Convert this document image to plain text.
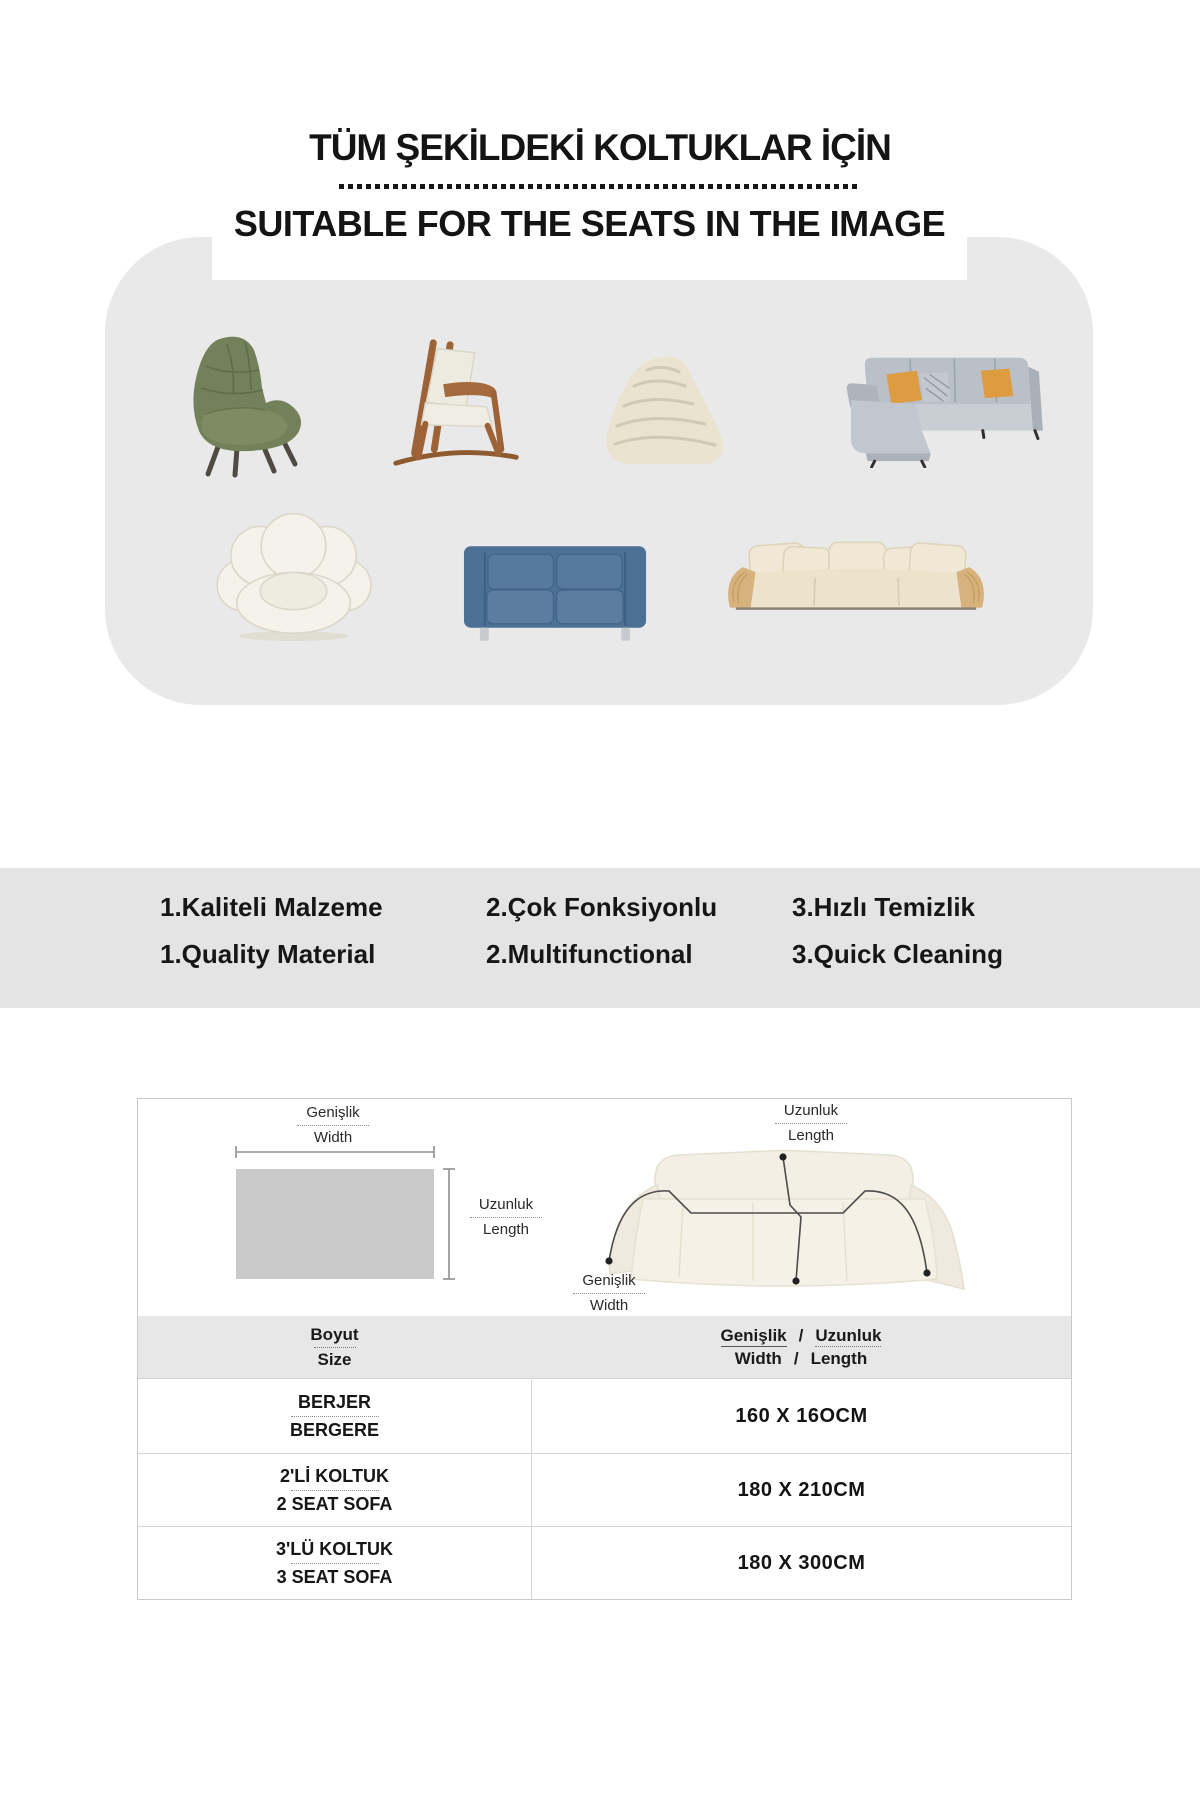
TÜM ŞEKİLDEKİ KOLTUKLAR İÇİN
SUITABLE FOR THE SEATS IN THE IMAGE
1.Kaliteli Malzeme
1.Quality Material
2.Çok Fonksiyonlu
2.Multifunctional
3.Hızlı Temizlik
3.Quick Cleaning
Genişlik
Width
Uzunluk
Length
Uzunluk
Length
Genişlik
Width
Boyut
Size
Genişlik / Uzunluk
Width / Length
BERJER
BERGERE
160 X 16OCM
2'Lİ KOLTUK
2 SEAT SOFA
180 X 210CM
3'LÜ KOLTUK
3 SEAT SOFA
180 X 300CM
